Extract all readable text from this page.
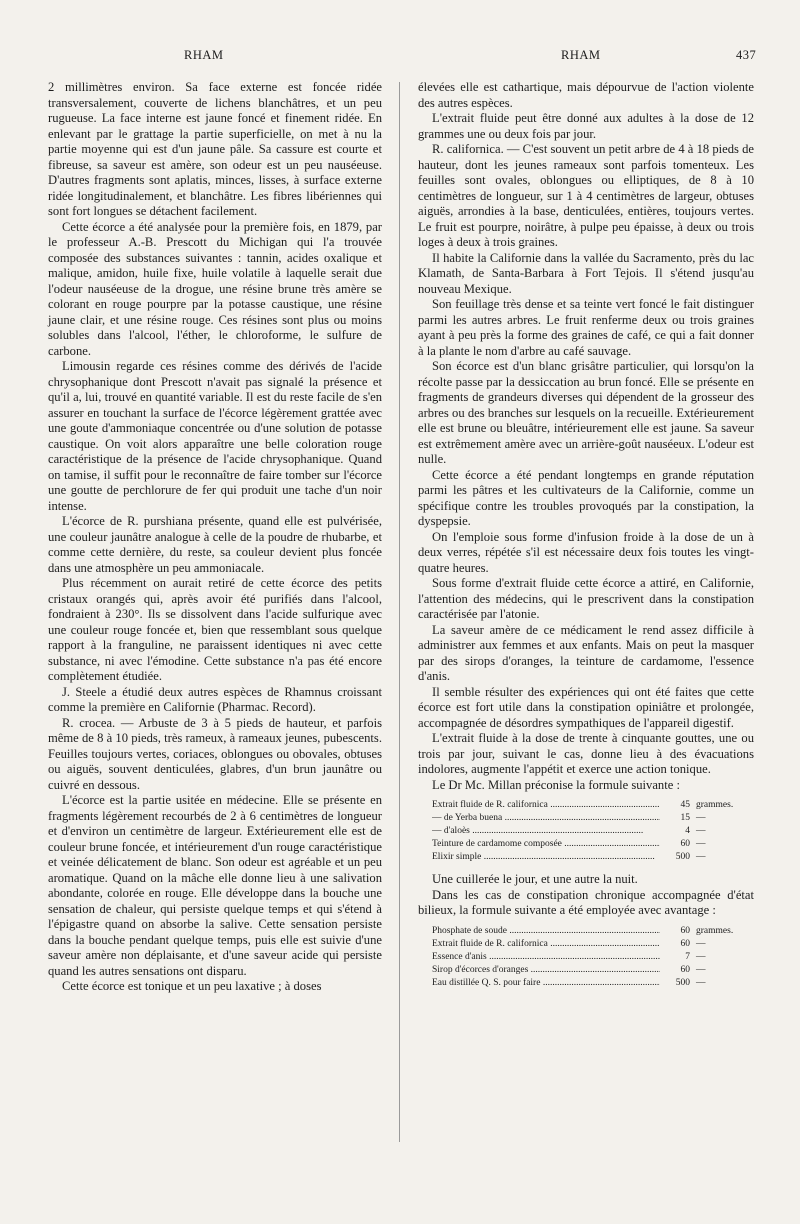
RHAM	RHAM	437

2 millimètres environ. Sa face externe est foncée ridée transversalement, couverte de lichens blanchâtres, et un peu rugueuse. La face interne est jaune foncé et finement ridée. En enlevant par le grattage la partie superficielle, on met à nu la partie moyenne qui est d'un jaune pâle. Sa cassure est courte et fibreuse, sa saveur est amère, son odeur est un peu nauséeuse. D'autres fragments sont aplatis, minces, lisses, à surface externe ridée longitudinalement, et blanchâtre. Les fibres libériennes qui sont fort longues se détachent facilement.

Cette écorce a été analysée pour la première fois, en 1879, par le professeur A.-B. Prescott du Michigan qui l'a trouvée composée des substances suivantes : tannin, acides oxalique et malique, amidon, huile fixe, huile volatile à laquelle serait due l'odeur nauséeuse de la drogue, une résine brune très amère se colorant en rouge pourpre par la potasse caustique, une résine jaune clair, et une résine rouge. Ces résines sont plus ou moins solubles dans l'alcool, l'éther, le chloroforme, le sulfure de carbone.

Limousin regarde ces résines comme des dérivés de l'acide chrysophanique dont Prescott n'avait pas signalé la présence et qu'il a, lui, trouvé en quantité variable. Il est du reste facile de s'en assurer en touchant la surface de l'écorce légèrement grattée avec une goute d'ammoniaque concentrée ou d'une solution de potasse caustique. On voit alors apparaître une belle coloration rouge caractéristique de la présence de l'acide chrysophanique. Quand on tamise, il suffit pour le reconnaître de faire tomber sur l'écorce une goutte de perchlorure de fer qui produit une tache d'un noir intense.

L'écorce de R. purshiana présente, quand elle est pulvérisée, une couleur jaunâtre analogue à celle de la poudre de rhubarbe, et comme cette dernière, du reste, sa couleur devient plus foncée dans une atmosphère un peu ammoniacale.

Plus récemment on aurait retiré de cette écorce des petits cristaux orangés qui, après avoir été purifiés dans l'alcool, fondraient à 230°. Ils se dissolvent dans l'acide sulfurique avec une couleur rouge foncée et, bien que ressemblant sous quelque rapport à la franguline, ne paraissent identiques ni avec cette substance, ni avec l'émodine. Cette substance n'a pas été encore complètement étudiée.

J. Steele a étudié deux autres espèces de Rhamnus croissant comme la première en Californie (Pharmac. Record).

R. crocea. — Arbuste de 3 à 5 pieds de hauteur, et parfois même de 8 à 10 pieds, très rameux, à rameaux jeunes, pubescents. Feuilles toujours vertes, coriaces, oblongues ou obovales, obtuses ou aiguës, souvent denticulées, glabres, d'un brun jaunâtre ou cuivré en dessous.

L'écorce est la partie usitée en médecine. Elle se présente en fragments légèrement recourbés de 2 à 6 centimètres de longueur et d'environ un centimètre de largeur. Extérieurement elle est de couleur brune foncée, et intérieurement d'un rouge caractéristique et veinée délicatement de blanc. Son odeur est agréable et un peu aromatique. Quand on la mâche elle donne lieu à une salivation abondante, colorée en rouge. Elle développe dans la bouche une sensation de chaleur, qui persiste quelque temps et qui s'étend à l'épigastre quand on absorbe la salive. Cette sensation persiste dans la bouche pendant quelque temps, puis elle est suivie d'une saveur amère non déplaisante, et d'une saveur acide qui persiste quand les autres sensations ont disparu.

Cette écorce est tonique et un peu laxative ; à doses

élevées elle est cathartique, mais dépourvue de l'action violente des autres espèces.

L'extrait fluide peut être donné aux adultes à la dose de 12 grammes une ou deux fois par jour.

R. californica. — C'est souvent un petit arbre de 4 à 18 pieds de hauteur, dont les jeunes rameaux sont parfois tomenteux. Les feuilles sont ovales, oblongues ou elliptiques, de 8 à 10 centimètres de longueur, sur 1 à 4 centimètres de largeur, obtuses aiguës, arrondies à la base, denticulées, entières, toujours vertes. Le fruit est pourpre, noirâtre, à pulpe peu épaisse, à deux ou trois loges à deux à trois graines.

Il habite la Californie dans la vallée du Sacramento, près du lac Klamath, de Santa-Barbara à Fort Tejois. Il s'étend jusqu'au nouveau Mexique.

Son feuillage très dense et sa teinte vert foncé le fait distinguer parmi les autres arbres. Le fruit renferme deux ou trois graines ayant à peu près la forme des graines de café, ce qui a fait donner à la plante le nom d'arbre au café sauvage.

Son écorce est d'un blanc grisâtre particulier, qui lorsqu'on la récolte passe par la dessiccation au brun foncé. Elle se présente en fragments de grandeurs diverses qui dépendent de la grosseur des arbres ou des branches sur lesquels on la recueille. Extérieurement elle est brune ou bleuâtre, intérieurement elle est jaune. Sa saveur est extrêmement amère avec un arrière-goût nauséeux. L'odeur est nulle.

Cette écorce a été pendant longtemps en grande réputation parmi les pâtres et les cultivateurs de la Californie, comme un spécifique contre les troubles provoqués par la constipation, la dyspepsie.

On l'emploie sous forme d'infusion froide à la dose de un à deux verres, répétée s'il est nécessaire deux fois toutes les vingt-quatre heures.

Sous forme d'extrait fluide cette écorce a attiré, en Californie, l'attention des médecins, qui le prescrivent dans la constipation caractérisée par l'atonie.

La saveur amère de ce médicament le rend assez difficile à administrer aux femmes et aux enfants. Mais on peut la masquer par des sirops d'oranges, la teinture de cardamome, l'essence d'anis.

Il semble résulter des expériences qui ont été faites que cette écorce est fort utile dans la constipation opiniâtre et prolongée, accompagnée de désordres sympathiques de l'appareil digestif.

L'extrait fluide à la dose de trente à cinquante gouttes, une ou trois par jour, suivant le cas, donne lieu à des évacuations indolores, augmente l'appétit et exerce une action tonique.

Le Dr Mc. Millan préconise la formule suivante :

Extrait fluide de R. californica .....	45 grammes.
— de Yerba buena .....	15 —
— d'aloès .....	4 —
Teinture de cardamome composée .....	60 —
Elixir simple .....	500 —

Une cuillerée le jour, et une autre la nuit.

Dans les cas de constipation chronique accompagnée d'état bilieux, la formule suivante a été employée avec avantage :

Phosphate de soude .....	60 grammes.
Extrait fluide de R. californica .....	60 —
Essence d'anis .....	7 —
Sirop d'écorces d'oranges .....	60 —
Eau distillée Q. S. pour faire .....	500 —
